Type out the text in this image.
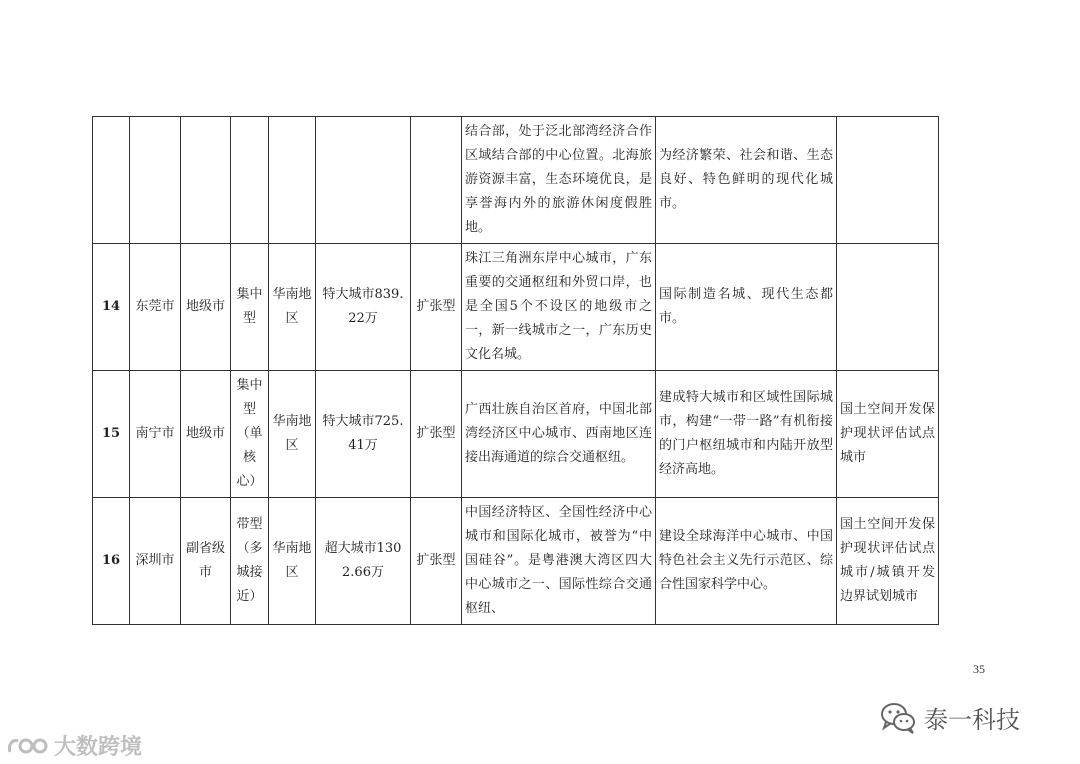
							结合部，处于泛北部湾经济合作区域结合部的中心位置。北海旅游资源丰富，生态环境优良，是享誉海内外的旅游休闲度假胜地。	为经济繁荣、社会和谐、生态良好、特色鲜明的现代化城市。	
14	东莞市	地级市	集中型	华南地区	特大城市839.22万	扩张型	珠江三角洲东岸中心城市，广东重要的交通枢纽和外贸口岸，也是全国5个不设区的地级市之一，新一线城市之一，广东历史文化名城。	国际制造名城、现代生态都市。	
15	南宁市	地级市	集中型（单核心）	华南地区	特大城市725.41万	扩张型	广西壮族自治区首府，中国北部湾经济区中心城市、西南地区连接出海通道的综合交通枢纽。	建成特大城市和区域性国际城市，构建“一带一路”有机衔接的门户枢纽城市和内陆开放型经济高地。	国土空间开发保护现状评估试点城市
16	深圳市	副省级市	带型（多城接近）	华南地区	超大城市1302.66万	扩张型	中国经济特区、全国性经济中心城市和国际化城市，被誉为“中国硅谷”。是粤港澳大湾区四大中心城市之一、国际性综合交通枢纽、	建设全球海洋中心城市、中国特色社会主义先行示范区、综合性国家科学中心。	国土空间开发保护现状评估试点城市/城镇开发边界试划城市
35
大数跨境
泰一科技
